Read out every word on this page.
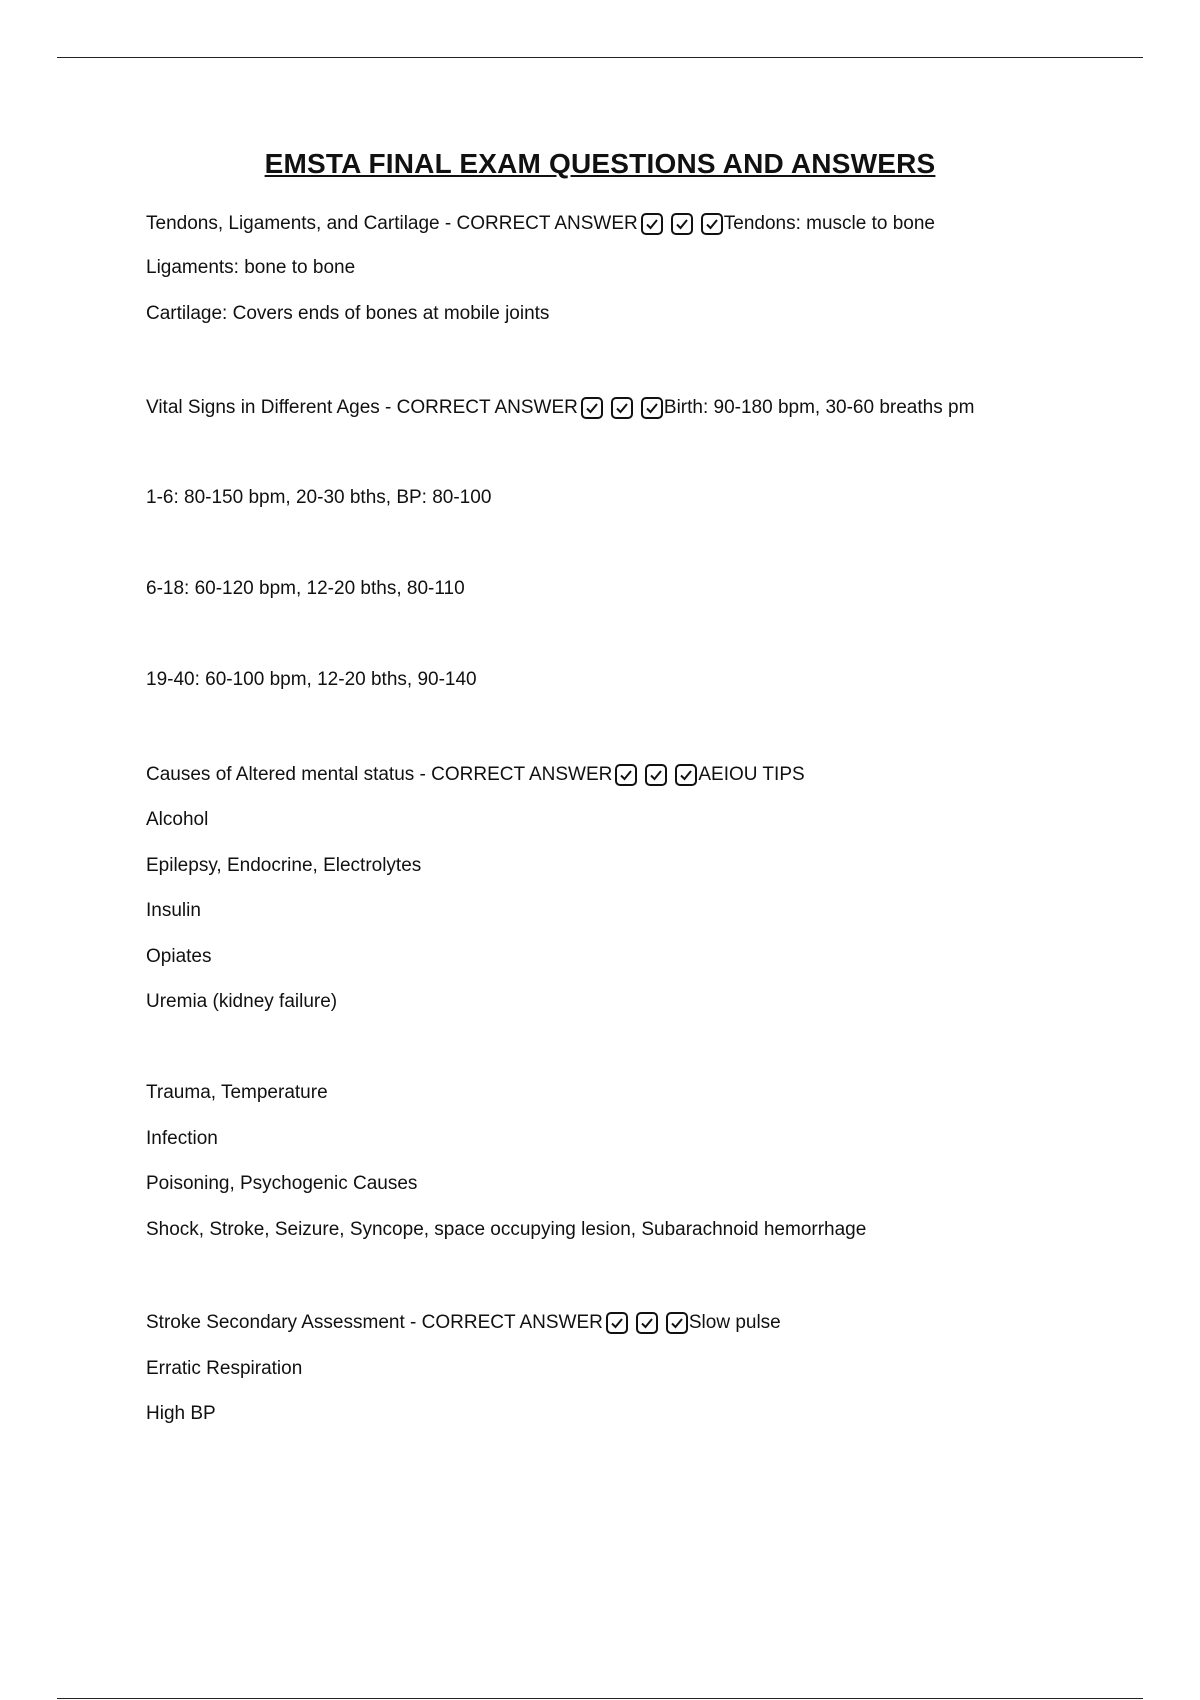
EMSTA FINAL EXAM QUESTIONS AND ANSWERS
Tendons, Ligaments, and Cartilage - CORRECT ANSWER	Tendons: muscle to bone
Ligaments: bone to bone
Cartilage: Covers ends of bones at mobile joints
Vital Signs in Different Ages - CORRECT ANSWER	Birth: 90-180 bpm, 30-60 breaths pm
1-6: 80-150 bpm, 20-30 bths, BP: 80-100
6-18: 60-120 bpm, 12-20 bths, 80-110
19-40: 60-100 bpm, 12-20 bths, 90-140
Causes of Altered mental status - CORRECT ANSWER	AEIOU TIPS
Alcohol
Epilepsy, Endocrine, Electrolytes
Insulin
Opiates
Uremia (kidney failure)
Trauma, Temperature
Infection
Poisoning, Psychogenic Causes
Shock, Stroke, Seizure, Syncope, space occupying lesion, Subarachnoid hemorrhage
Stroke Secondary Assessment - CORRECT ANSWER	Slow pulse
Erratic Respiration
High BP
